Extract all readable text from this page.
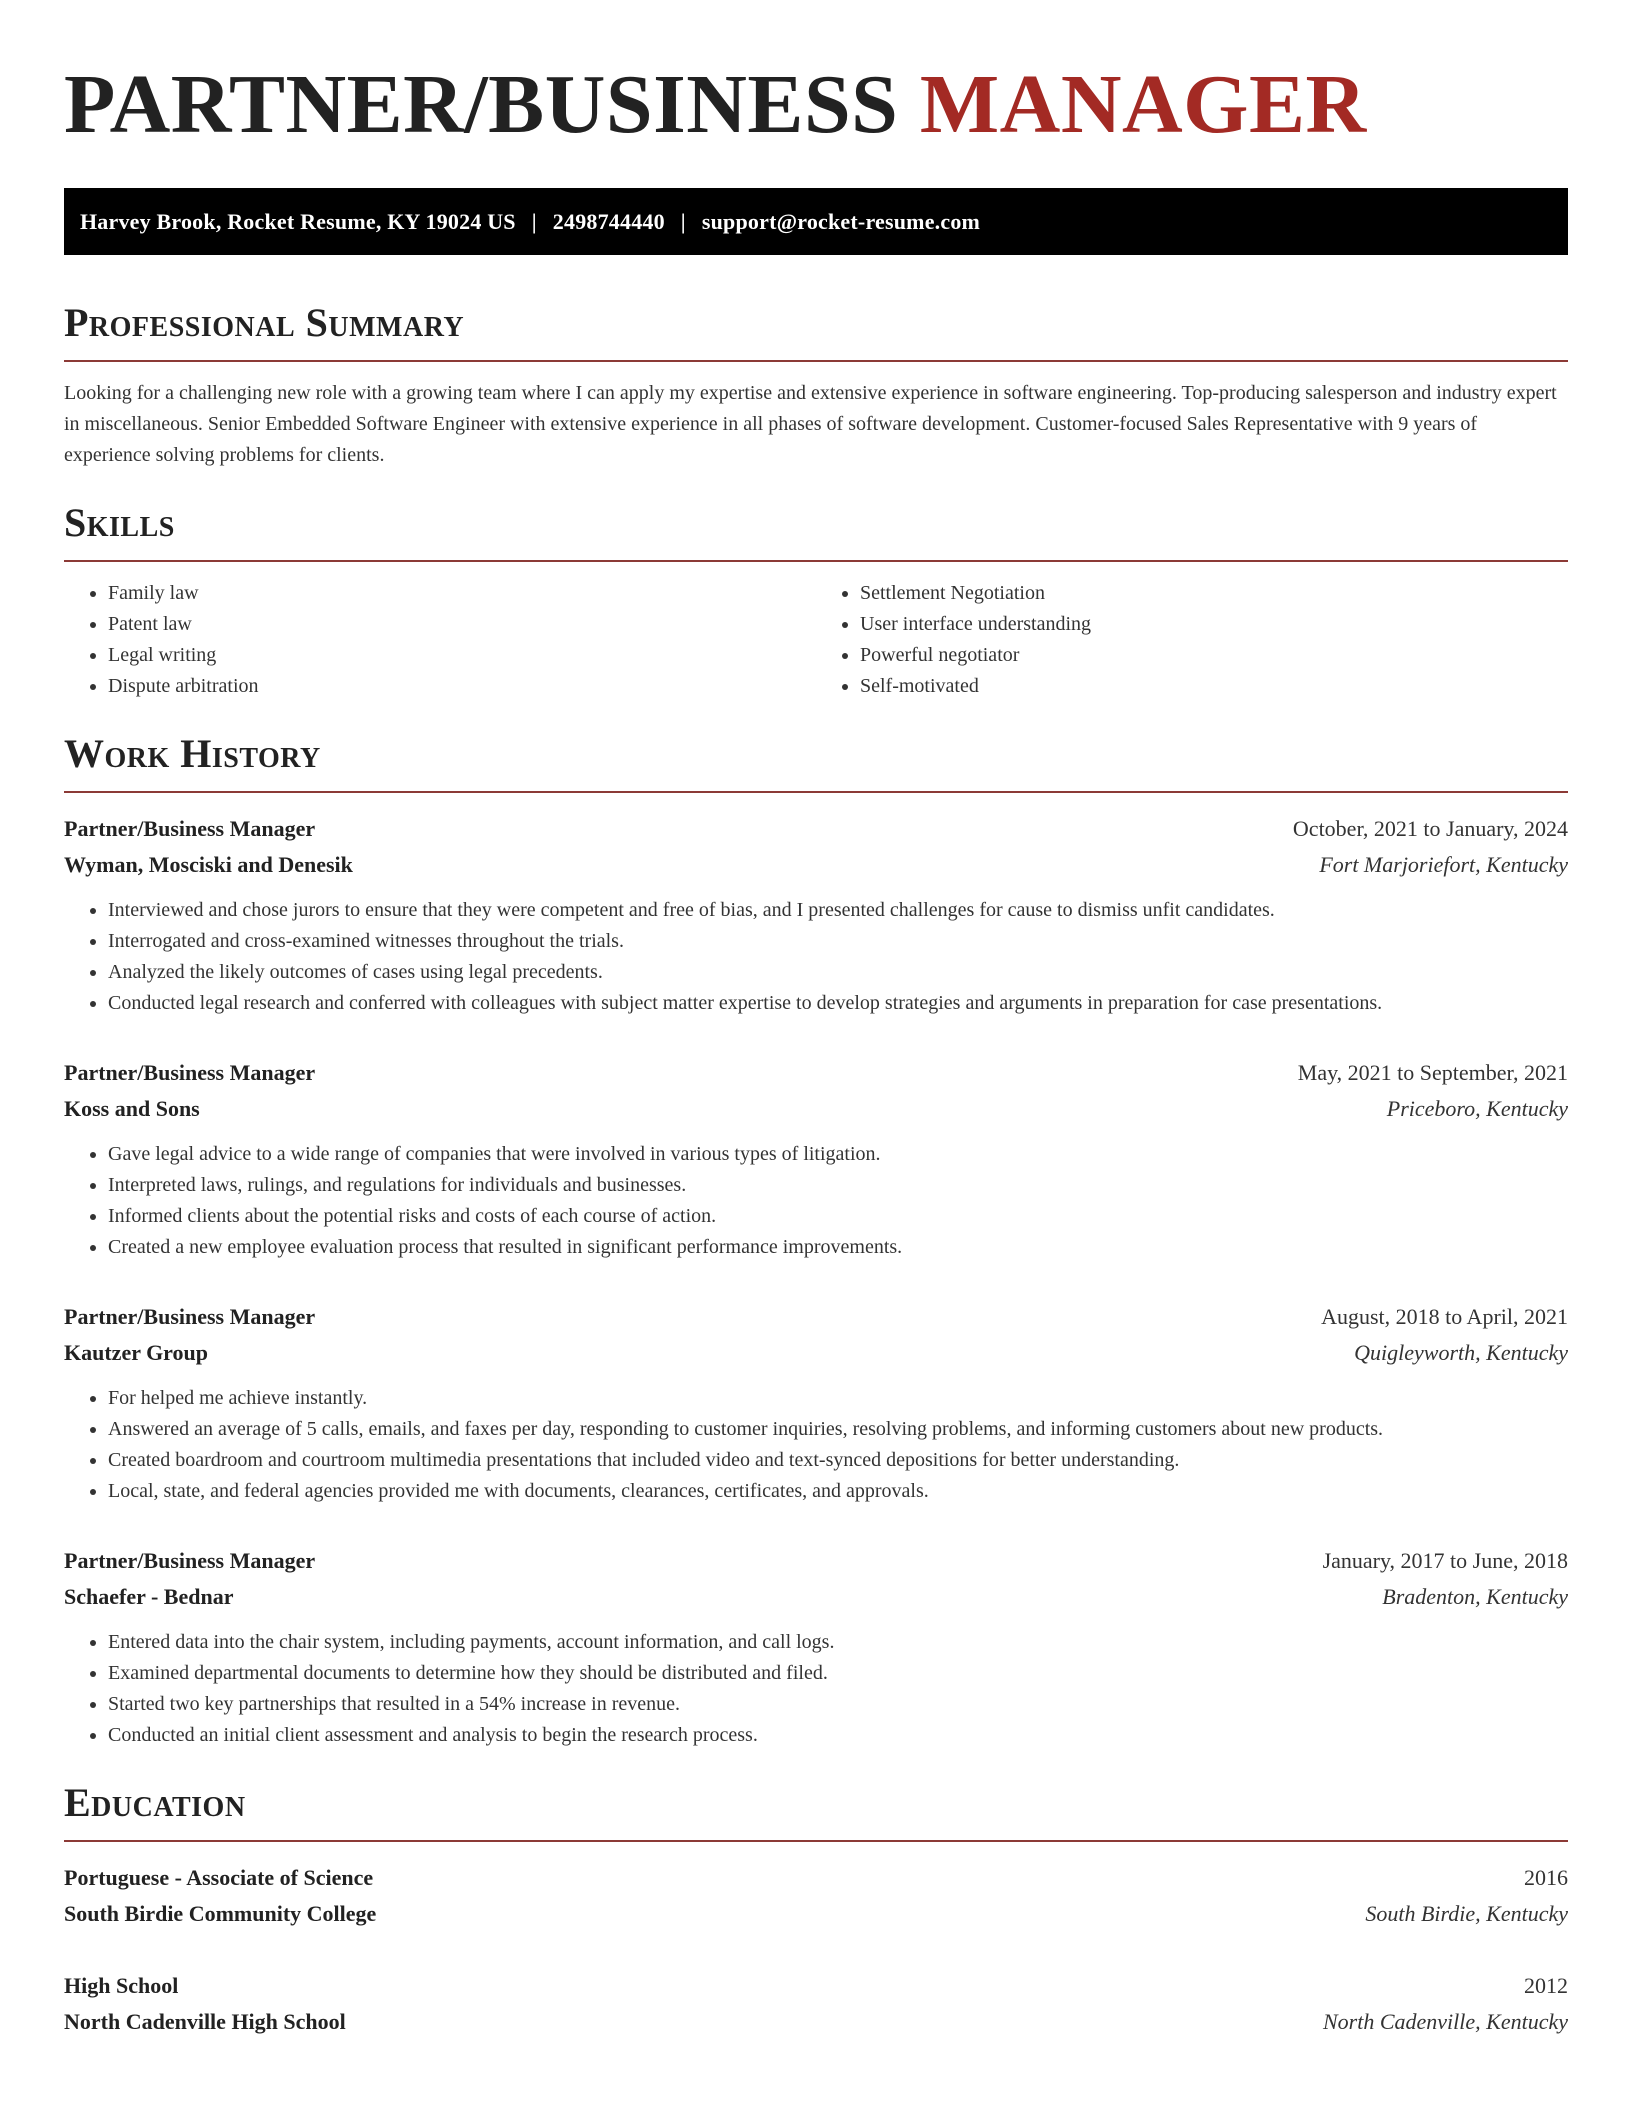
PARTNER/BUSINESS MANAGER
Harvey Brook, Rocket Resume, KY 19024 US | 2498744440 | support@rocket-resume.com
Professional Summary

Looking for a challenging new role with a growing team where I can apply my expertise and extensive experience in software engineering. Top-producing salesperson and industry expert in miscellaneous. Senior Embedded Software Engineer with extensive experience in all phases of software development. Customer-focused Sales Representative with 9 years of experience solving problems for clients.

Skills
• Family law
• Patent law
• Legal writing
• Dispute arbitration
• Settlement Negotiation
• User interface understanding
• Powerful negotiator
• Self-motivated
Work History
Partner/Business Manager	October, 2021 to January, 2024
Wyman, Mosciski and Denesik	Fort Marjoriefort, Kentucky
• Interviewed and chose jurors to ensure that they were competent and free of bias, and I presented challenges for cause to dismiss unfit candidates.
• Interrogated and cross-examined witnesses throughout the trials.
• Analyzed the likely outcomes of cases using legal precedents.
• Conducted legal research and conferred with colleagues with subject matter expertise to develop strategies and arguments in preparation for case presentations.
Partner/Business Manager	May, 2021 to September, 2021
Koss and Sons	Priceboro, Kentucky
• Gave legal advice to a wide range of companies that were involved in various types of litigation.
• Interpreted laws, rulings, and regulations for individuals and businesses.
• Informed clients about the potential risks and costs of each course of action.
• Created a new employee evaluation process that resulted in significant performance improvements.
Partner/Business Manager	August, 2018 to April, 2021
Kautzer Group	Quigleyworth, Kentucky
• For helped me achieve instantly.
• Answered an average of 5 calls, emails, and faxes per day, responding to customer inquiries, resolving problems, and informing customers about new products.
• Created boardroom and courtroom multimedia presentations that included video and text-synced depositions for better understanding.
• Local, state, and federal agencies provided me with documents, clearances, certificates, and approvals.
Partner/Business Manager	January, 2017 to June, 2018
Schaefer - Bednar	Bradenton, Kentucky
• Entered data into the chair system, including payments, account information, and call logs.
• Examined departmental documents to determine how they should be distributed and filed.
• Started two key partnerships that resulted in a 54% increase in revenue.
• Conducted an initial client assessment and analysis to begin the research process.
Education
Portuguese - Associate of Science	2016
South Birdie Community College	South Birdie, Kentucky
High School	2012
North Cadenville High School	North Cadenville, Kentucky
